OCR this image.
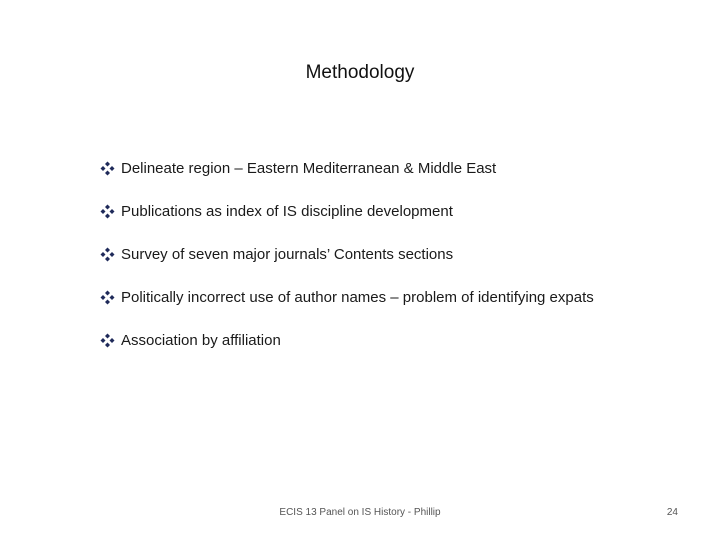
Methodology
Delineate region – Eastern Mediterranean & Middle East
Publications as index of IS discipline development
Survey of seven major journals’ Contents sections
Politically incorrect use of author names – problem of identifying expats
Association by affiliation
ECIS 13 Panel on IS History - Phillip	24
